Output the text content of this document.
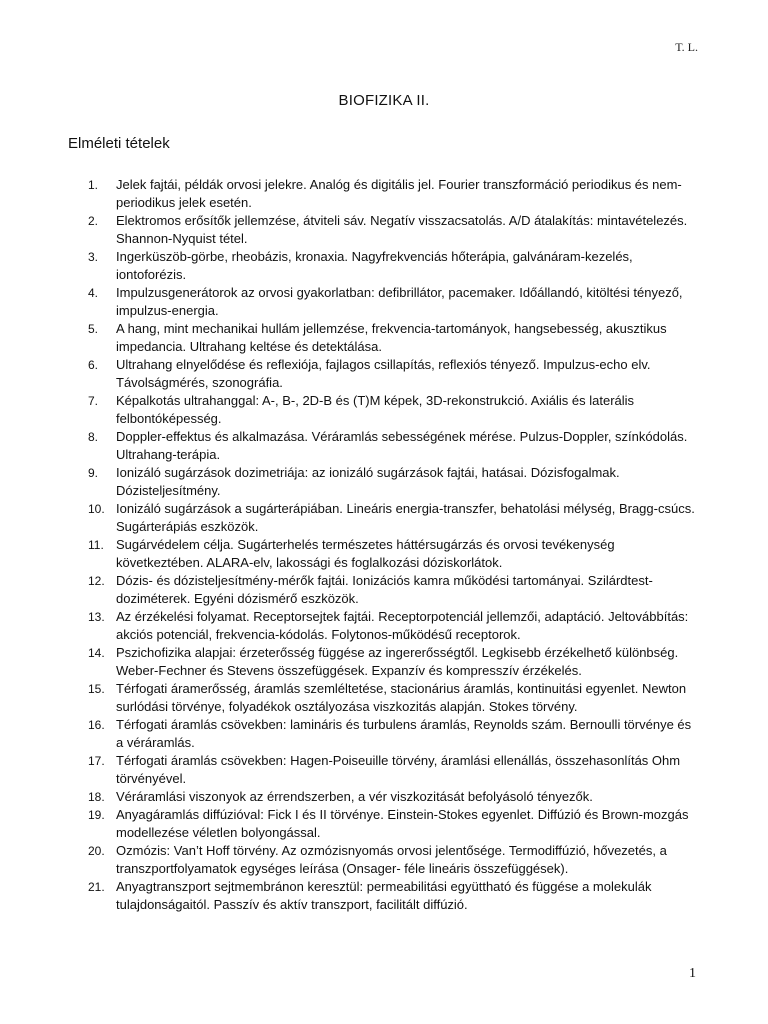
T. L.
BIOFIZIKA II.
Elméleti tételek
1.	Jelek fajtái, példák orvosi jelekre. Analóg és digitális jel. Fourier transzformáció periodikus és nem-periodikus jelek esetén.
2.	Elektromos erősítők jellemzése, átviteli sáv. Negatív visszacsatolás. A/D átalakítás: mintavételezés. Shannon-Nyquist tétel.
3.	Ingerküszöb-görbe, rheobázis, kronaxia. Nagyfrekvenciás hőterápia, galvánáram-kezelés, iontoforézis.
4.	Impulzusgenerátorok az orvosi gyakorlatban: defibrillátor, pacemaker. Időállandó, kitöltési tényező, impulzus-energia.
5.	A hang, mint mechanikai hullám jellemzése, frekvencia-tartományok, hangsebesség, akusztikus impedancia. Ultrahang keltése és detektálása.
6.	Ultrahang elnyelődése és reflexiója, fajlagos csillapítás, reflexiós tényező. Impulzus-echo elv. Távolságmérés, szonográfia.
7.	Képalkotás ultrahanggal: A-, B-, 2D-B és (T)M képek, 3D-rekonstrukció. Axiális és laterális felbontóképesség.
8.	Doppler-effektus és alkalmazása. Véráramlás sebességének mérése. Pulzus-Doppler, színkódolás. Ultrahang-terápia.
9.	Ionizáló sugárzások dozimetriája: az ionizáló sugárzások fajtái, hatásai. Dózisfogalmak. Dózisteljesítmény.
10. Ionizáló sugárzások a sugárterápiában. Lineáris energia-transzfer, behatolási mélység, Bragg-csúcs. Sugárterápiás eszközök.
11. Sugárvédelem célja. Sugárterhelés természetes háttérsugárzás és orvosi tevékenység következtében. ALARA-elv, lakossági és foglalkozási dóziskorlátok.
12. Dózis- és dózisteljesítmény-mérők fajtái. Ionizációs kamra működési tartományai. Szilárdtest-doziméterek. Egyéni dózismérő eszközök.
13. Az érzékelési folyamat. Receptorsejtek fajtái. Receptorpotenciál jellemzői, adaptáció. Jeltovábbítás: akciós potenciál, frekvencia-kódolás. Folytonos-működésű receptorok.
14. Pszichofizika alapjai: érzeterősség függése az ingererősségtől. Legkisebb érzékelhető különbség. Weber-Fechner és Stevens összefüggések. Expanzív és kompresszív érzékelés.
15. Térfogati áramerősség, áramlás szemléltetése, stacionárius áramlás, kontinuitási egyenlet. Newton surlódási törvénye, folyadékok osztályozása viszkozitás alapján. Stokes törvény.
16. Térfogati áramlás csövekben: lamináris és turbulens áramlás, Reynolds szám. Bernoulli törvénye és a véráramlás.
17. Térfogati áramlás csövekben: Hagen-Poiseuille törvény, áramlási ellenállás, összehasonlítás Ohm törvényével.
18. Véráramlási viszonyok az érrendszerben, a vér viszkozitását befolyásoló tényezők.
19. Anyagáramlás diffúzióval: Fick I és II törvénye. Einstein-Stokes egyenlet. Diffúzió és Brown-mozgás modellezése véletlen bolyongással.
20. Ozmózis: Van’t Hoff törvény. Az ozmózisnyomás orvosi jelentősége. Termodiffúzió, hővezetés, a transzportfolyamatok egységes leírása (Onsager- féle lineáris összefüggések).
21. Anyagtranszport sejtmembránon keresztül: permeabilitási együttható és függése a molekulák tulajdonságaitól. Passzív és aktív transzport, facilitált diffúzió.
1
